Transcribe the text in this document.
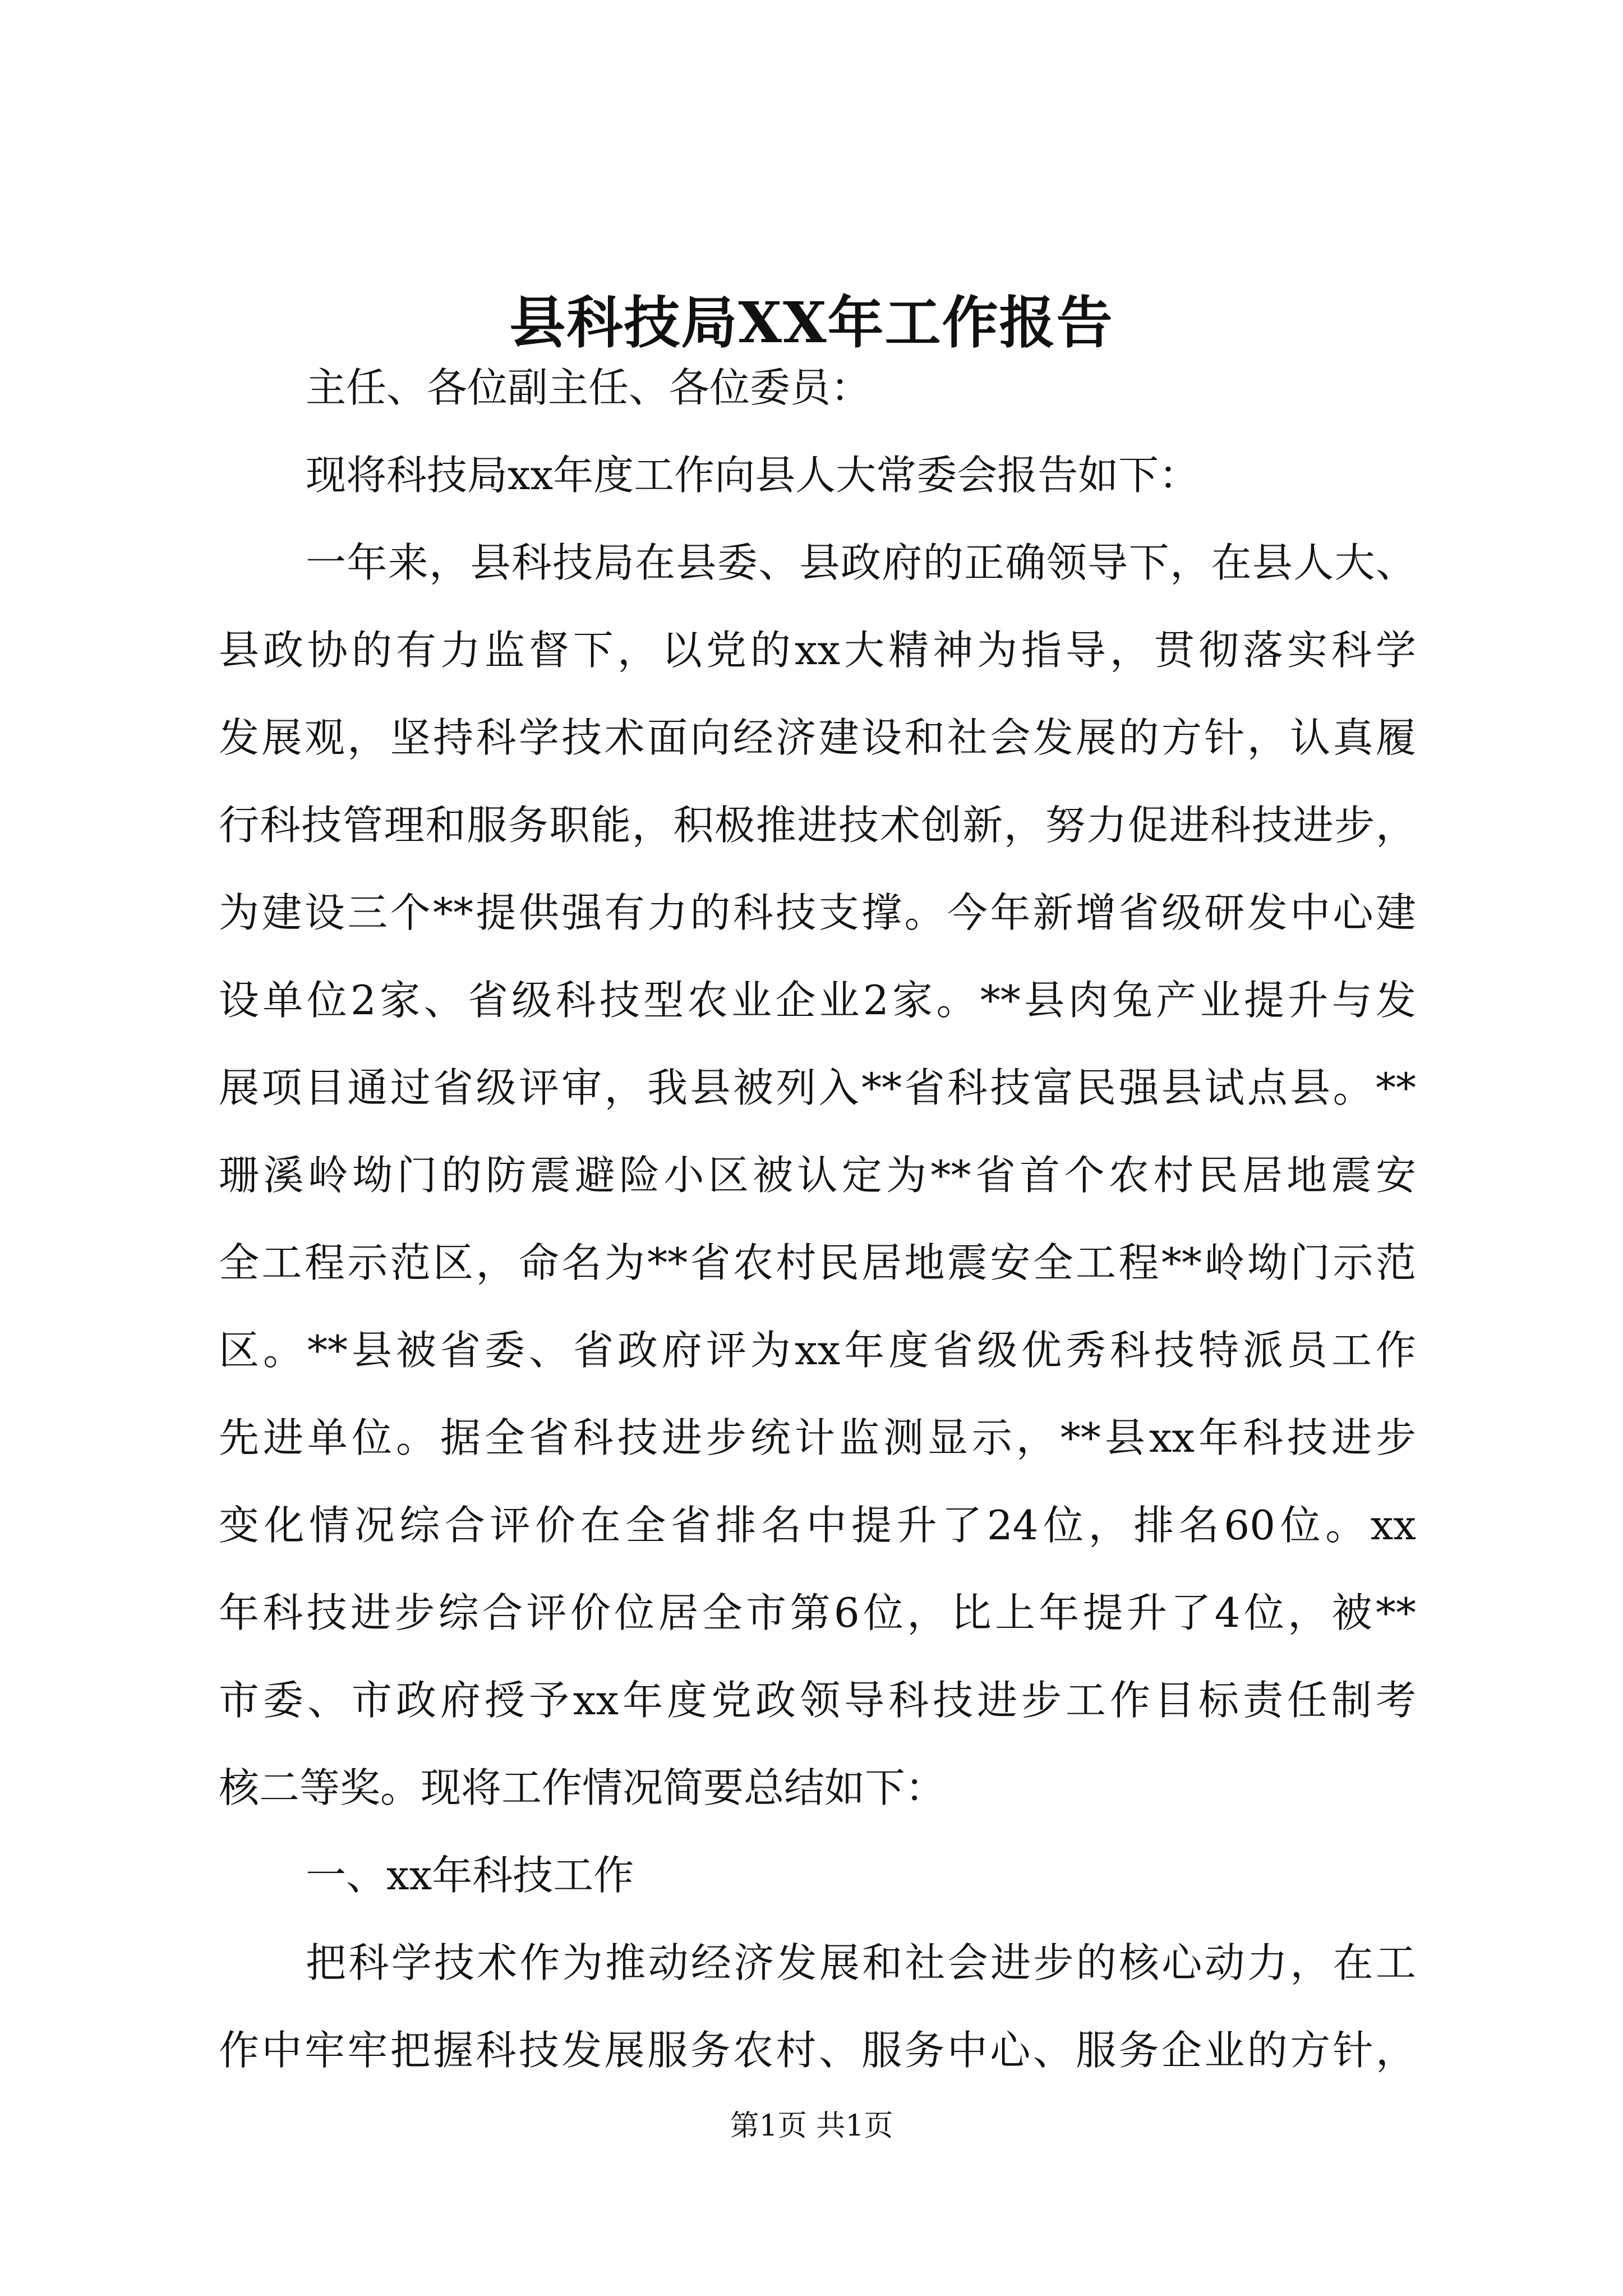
县科技局XX年工作报告
主任、各位副主任、各位委员：
现将科技局xx年度工作向县人大常委会报告如下：
一年来，县科技局在县委、县政府的正确领导下，在县人大、
县政协的有力监督下，以党的xx大精神为指导，贯彻落实科学
发展观，坚持科学技术面向经济建设和社会发展的方针，认真履
行科技管理和服务职能，积极推进技术创新，努力促进科技进步，
为建设三个**提供强有力的科技支撑。今年新增省级研发中心建
设单位2家、省级科技型农业企业2家。**县肉兔产业提升与发
展项目通过省级评审，我县被列入**省科技富民强县试点县。**
珊溪岭坳门的防震避险小区被认定为**省首个农村民居地震安
全工程示范区，命名为**省农村民居地震安全工程**岭坳门示范
区。**县被省委、省政府评为xx年度省级优秀科技特派员工作
先进单位。据全省科技进步统计监测显示，**县xx年科技进步
变化情况综合评价在全省排名中提升了24位，排名60位。xx
年科技进步综合评价位居全市第6位，比上年提升了4位，被**
市委、市政府授予xx年度党政领导科技进步工作目标责任制考
核二等奖。现将工作情况简要总结如下：
一、xx年科技工作
把科学技术作为推动经济发展和社会进步的核心动力，在工
作中牢牢把握科技发展服务农村、服务中心、服务企业的方针，
第1页 共1页
